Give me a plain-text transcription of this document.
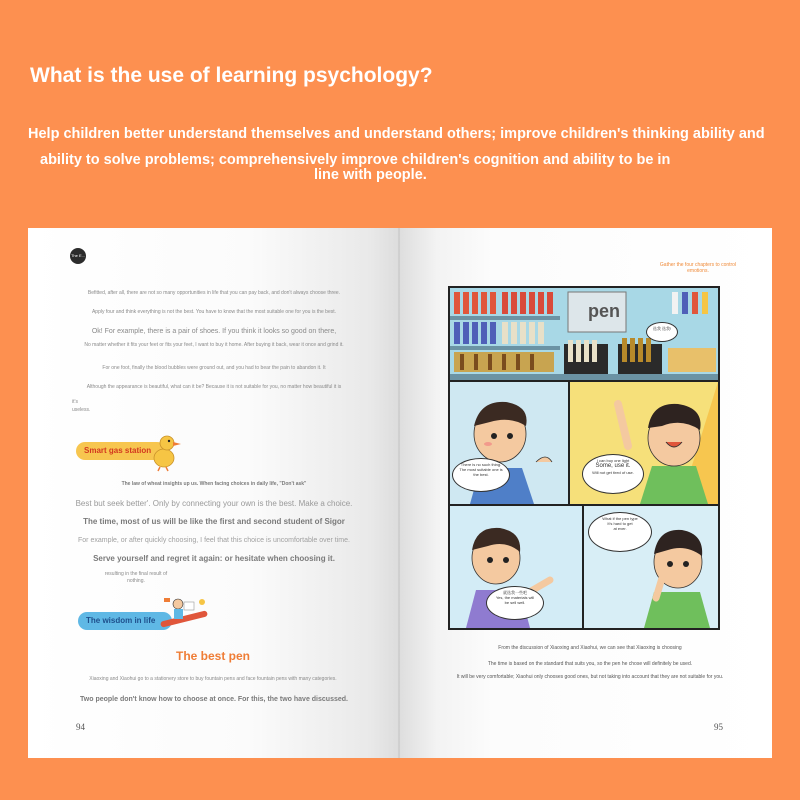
What is the use of learning psychology?

Help children better understand themselves and understand others; improve children's thinking ability and

ability to solve problems; comprehensively improve children's cognition and ability to be in

line with people.

The E...

Befitted, after all, there are not so many opportunities in life that you can pay back, and don't always choose three.

Apply four and think everything is not the best. You have to know that the most suitable one for you is the best.

Ok! For example, there is a pair of shoes. If you think it looks so good on there,

No matter whether it fits your feet or fits your feet, I want to buy it home. After buying it back, wear it once and grind it.

For one foot, finally the blood bubbles were ground out, and you had to bear the pain to abandon it. It

Although the appearance is beautiful, what can it be? Because it is not suitable for you, no matter how beautiful it is

it's

useless.

Smart gas station

The law of wheat insights up us. When facing choices in daily life, "Don't ask"

Best but seek better'. Only by connecting your own is the best. Make a choice.

The time, most of us will be like the first and second student of Sigor

For example, or after quickly choosing, I feel that this choice is uncomfortable over time.

Serve yourself and regret it again: or hesitate when choosing it.

resulting in the final result of nothing.

The wisdom in life

The best pen

Xiaoxing and Xiaohui go to a stationery store to buy fountain pens and face fountain pens with many categories.

Two people don't know how to choose at once. For this, the two have discussed.

94

Gather the four chapters to control emotions.

pen
选我 选我!
There is no such thing. The most suitable one is the best.
I can buy one light
Some, use it.
Will not get tired of use.
就选我一些吧
Yes, the materials will
be sell well.
What if the pen type
It's hard to get
at ever.

From the discussion of Xiaoxing and Xiaohui, we can see that Xiaoxing is choosing

The time is based on the standard that suits you, so the pen he chose will definitely be used.

It will be very comfortable; Xiaohui only chooses good ones, but not taking into account that they are not suitable for you.

95
